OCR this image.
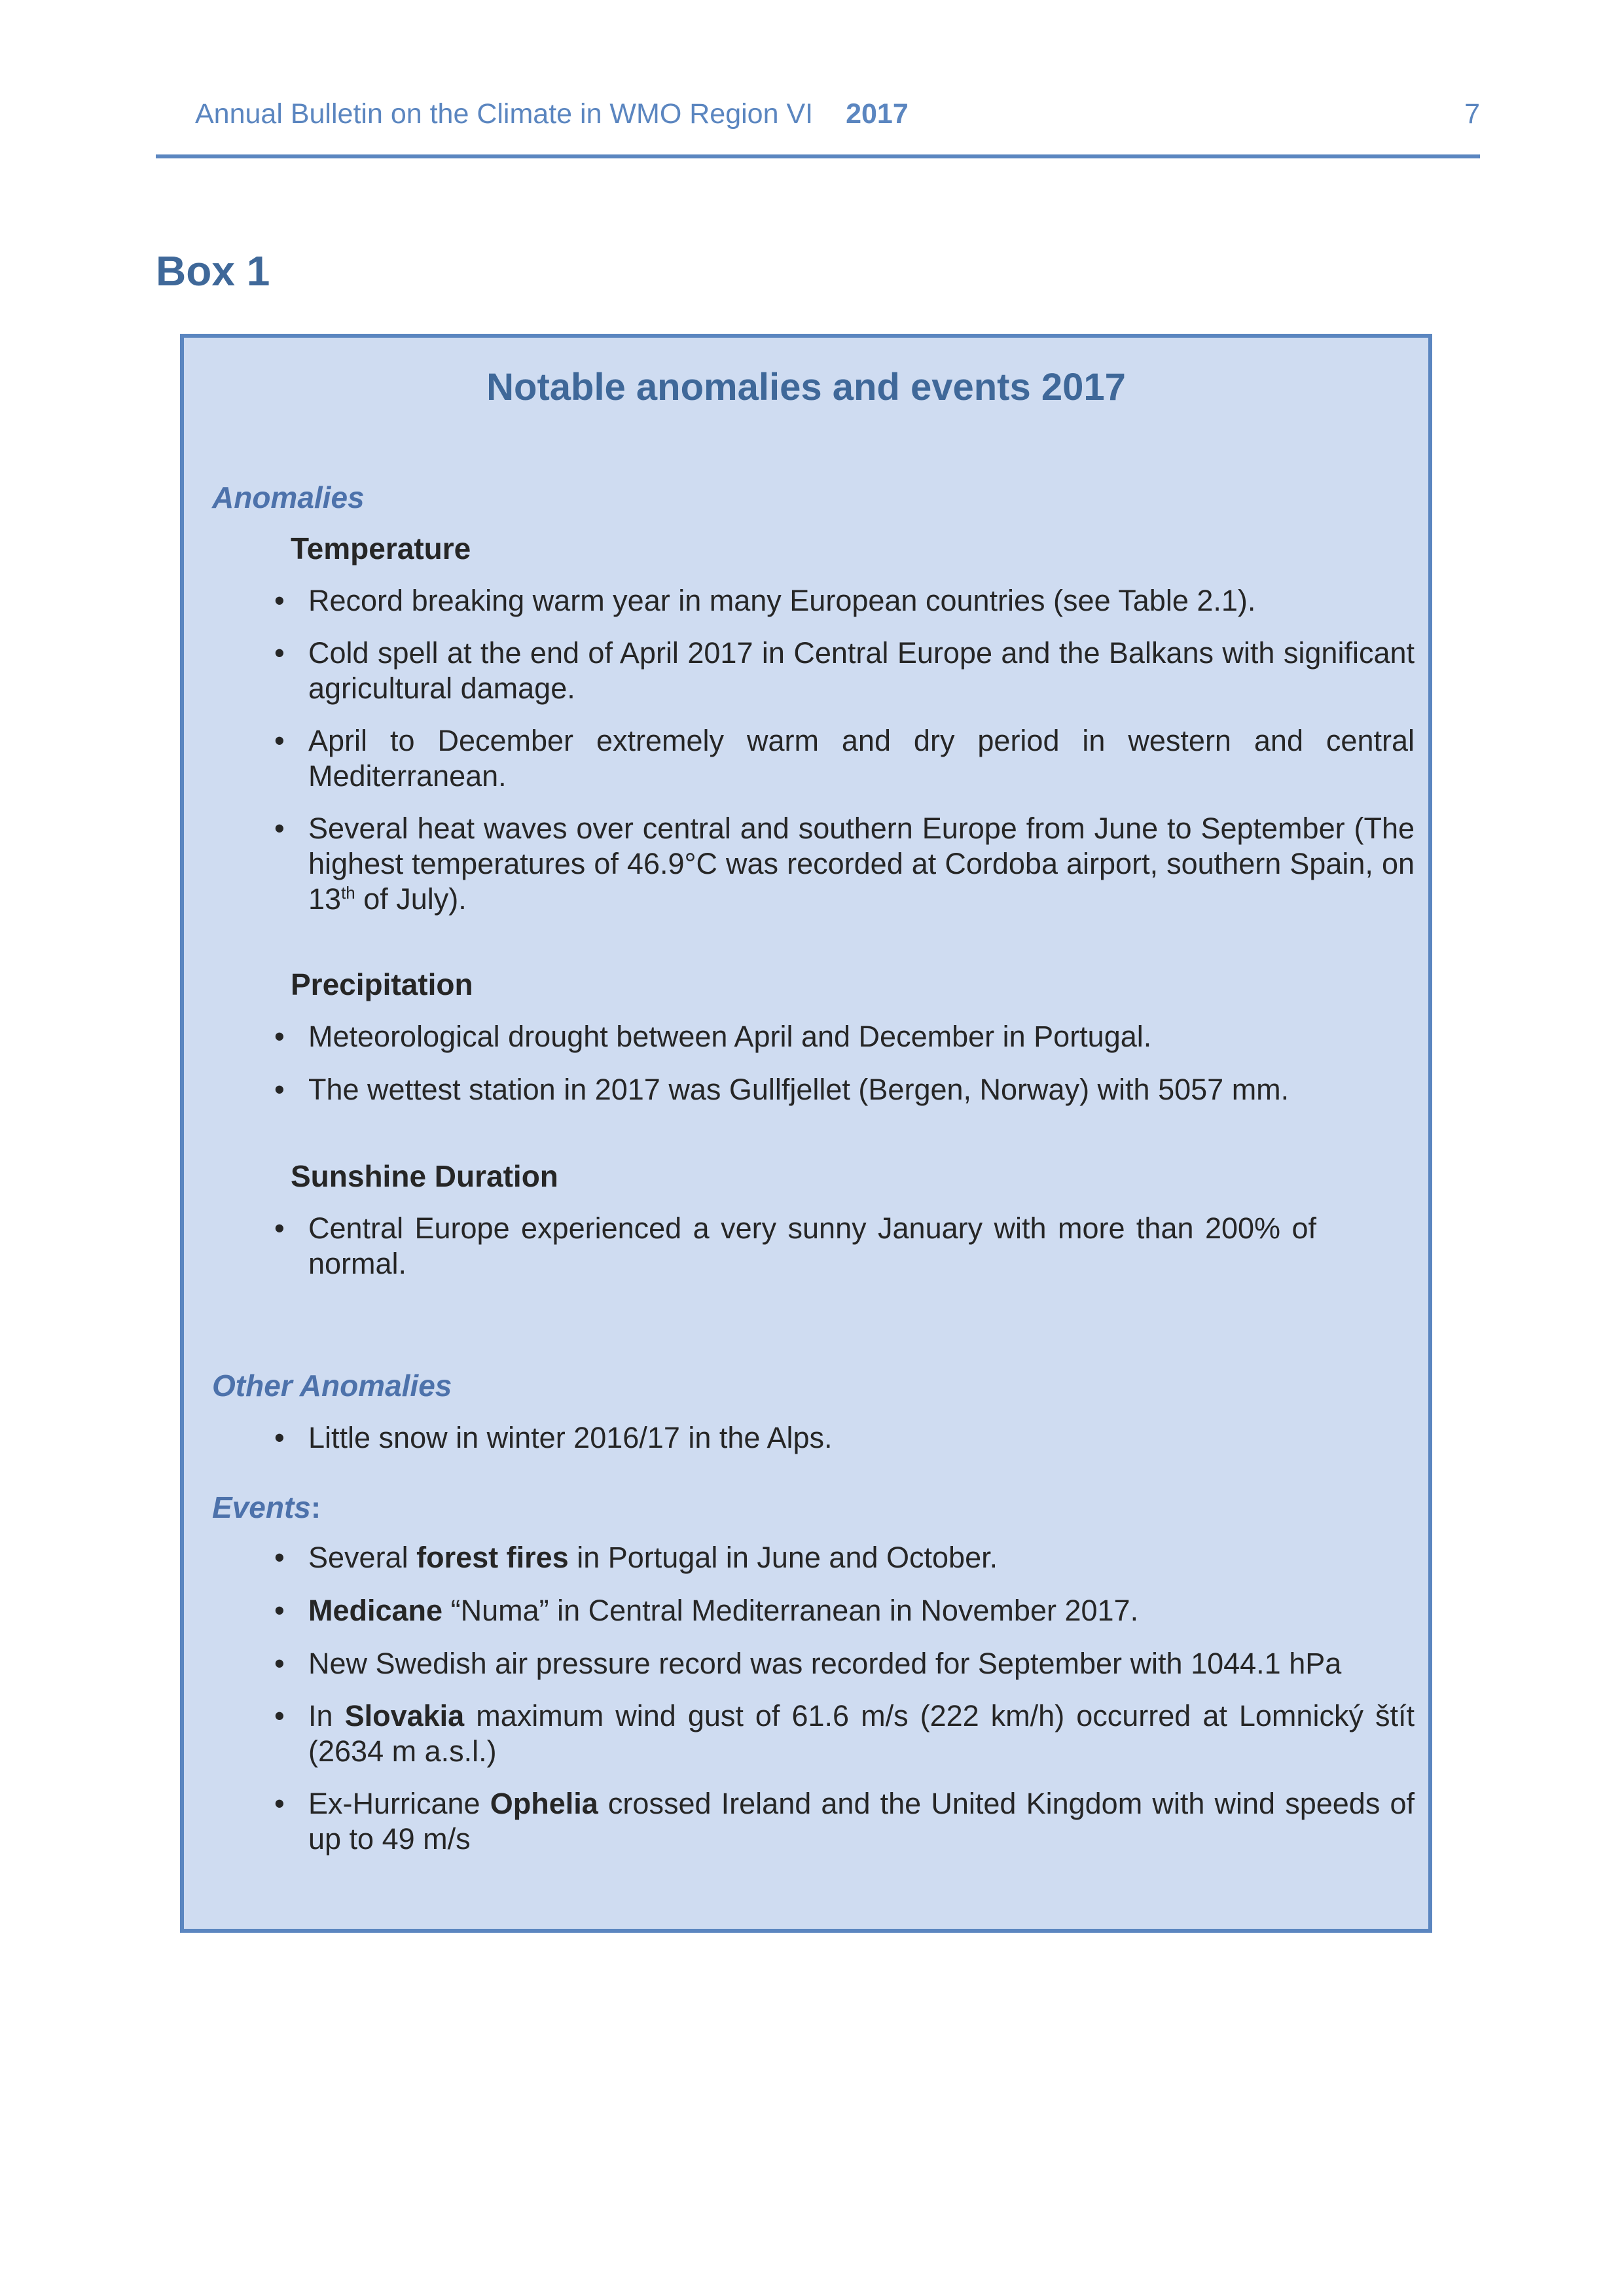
Annual Bulletin on the Climate in WMO Region VI 2017	7
Box 1
Notable anomalies and events 2017
Anomalies
Temperature
• Record breaking warm year in many European countries (see Table 2.1).
• Cold spell at the end of April 2017 in Central Europe and the Balkans with significant agricultural damage.
• April to December extremely warm and dry period in western and central Mediterranean.
• Several heat waves over central and southern Europe from June to September (The highest temperatures of 46.9°C was recorded at Cordoba airport, southern Spain, on 13th of July).
Precipitation
• Meteorological drought between April and December in Portugal.
• The wettest station in 2017 was Gullfjellet (Bergen, Norway) with 5057 mm.
Sunshine Duration
• Central Europe experienced a very sunny January with more than 200% of normal.
Other Anomalies
• Little snow in winter 2016/17 in the Alps.
Events:
• Several forest fires in Portugal in June and October.
• Medicane “Numa” in Central Mediterranean in November 2017.
• New Swedish air pressure record was recorded for September with 1044.1 hPa
• In Slovakia maximum wind gust of 61.6 m/s (222 km/h) occurred at Lomnický štít (2634 m a.s.l.)
• Ex-Hurricane Ophelia crossed Ireland and the United Kingdom with wind speeds of up to 49 m/s
